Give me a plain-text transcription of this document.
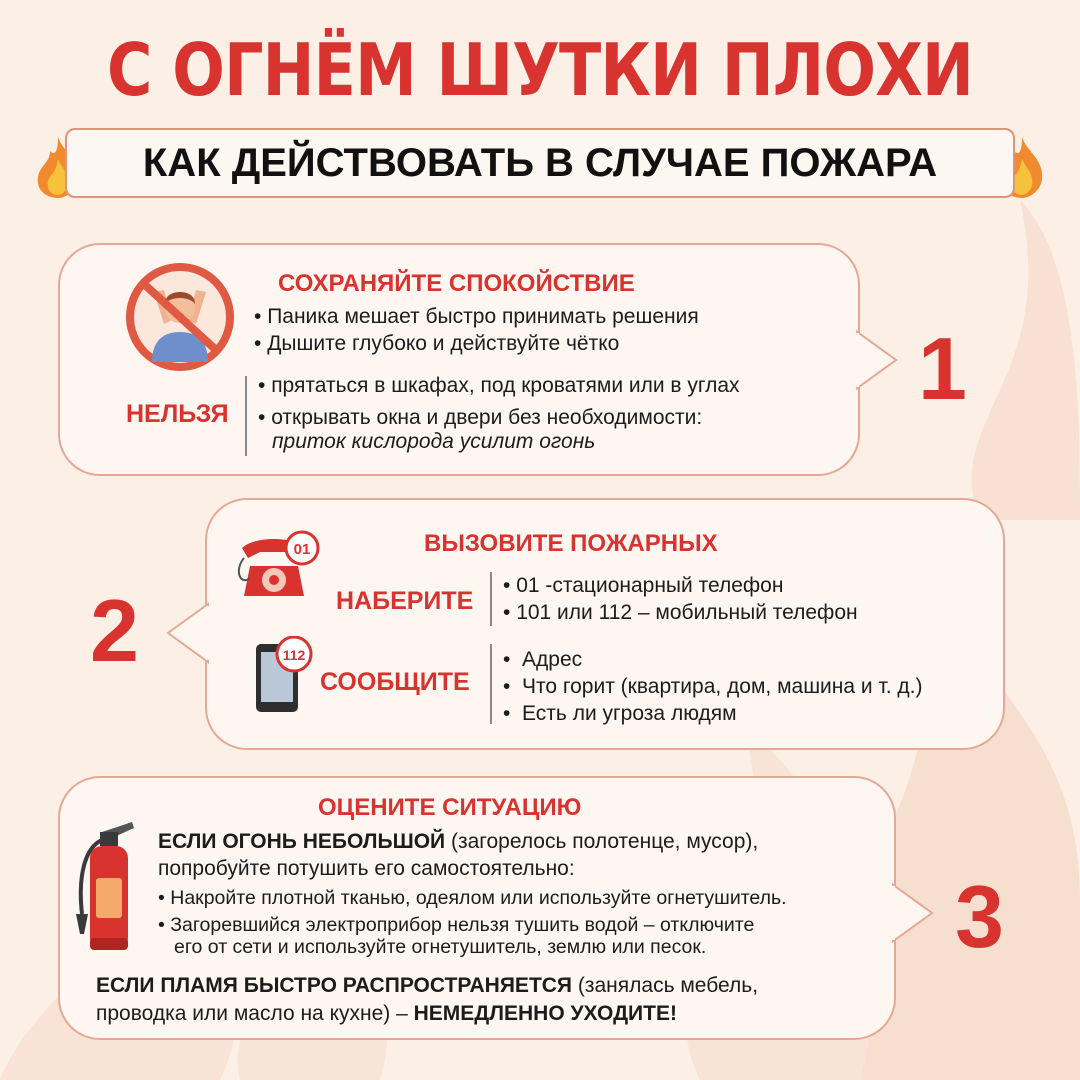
С ОГНЁМ ШУТКИ ПЛОХИ
КАК ДЕЙСТВОВАТЬ В СЛУЧАЕ ПОЖАРА
1
СОХРАНЯЙТЕ СПОКОЙСТВИЕ
• Паника мешает быстро принимать решения
• Дышите глубоко и действуйте чётко
НЕЛЬЗЯ
• прятаться в шкафах, под кроватями или в углах
• открывать окна и двери без необходимости:
приток кислорода усилит огонь
2
ВЫЗОВИТЕ ПОЖАРНЫХ
01
НАБЕРИТЕ
• 01 -стационарный телефон
• 101 или 112 – мобильный телефон
112
СООБЩИТЕ
•  Адрес
•  Что горит (квартира, дом, машина и т. д.)
•  Есть ли угроза людям
3
ОЦЕНИТЕ СИТУАЦИЮ
ЕСЛИ ОГОНЬ НЕБОЛЬШОЙ (загорелось полотенце, мусор),
попробуйте потушить его самостоятельно:
• Накройте плотной тканью, одеялом или используйте огнетушитель.
• Загоревшийся электроприбор нельзя тушить водой – отключите
его от сети и используйте огнетушитель, землю или песок.
ЕСЛИ ПЛАМЯ БЫСТРО РАСПРОСТРАНЯЕТСЯ (занялась мебель,
проводка или масло на кухне) – НЕМЕДЛЕННО УХОДИТЕ!
